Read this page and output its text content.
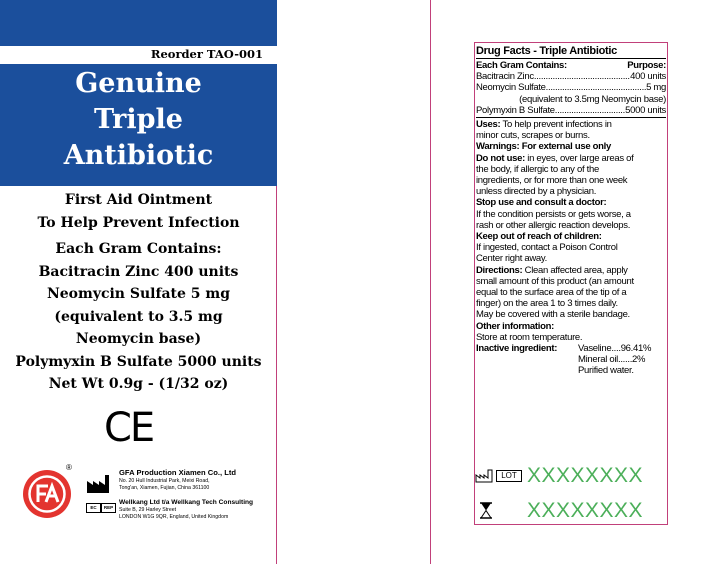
Reorder TAO-001
Genuine
Triple
Antibiotic
First Aid Ointment
To Help Prevent Infection
Each Gram Contains:
Bacitracin Zinc 400 units
Neomycin Sulfate 5 mg
(equivalent to 3.5 mg
Neomycin base)
Polymyxin B Sulfate 5000 units
Net Wt 0.9g - (1/32 oz)
CE
®
GFA Production Xiamen Co., Ltd
No. 20 Hull Industrial Park, Meixi Road,
Tong'an, Xiamen, Fujian, China 361100
EC	REP
Wellkang Ltd t/a Wellkang Tech Consulting
Suite B, 29 Harley Street
LONDON W1G 9QR, England, United Kingdom
Drug Facts - Triple Antibiotic
Each Gram Contains:	Purpose:
Bacitracin Zinc .....	400 units
Neomycin Sulfate .....	5 mg
(equivalent to 3.5mg Neomycin base)
Polymyxin B Sulfate .....	5000 units
Uses: To help prevent infections in
minor cuts, scrapes or burns.
Warnings: For external use only
Do not use: in eyes, over large areas of
the body, if allergic to any of the
ingredients, or for more than one week
unless directed by a physician.
Stop use and consult a doctor:
If the condition persists or gets worse, a
rash or other allergic reaction develops.
Keep out of reach of children:
If ingested, contact a Poison Control
Center right away.
Directions: Clean affected area, apply
small amount of this product (an amount
equal to the surface area of the tip of a
finger) on the area 1 to 3 times daily.
May be covered with a sterile bandage.
Other information:
Store at room temperature.
Inactive ingredient: Vaseline....96.41%
Mineral oil......2%
Purified water.
LOT XXXXXXXX
XXXXXXXX
